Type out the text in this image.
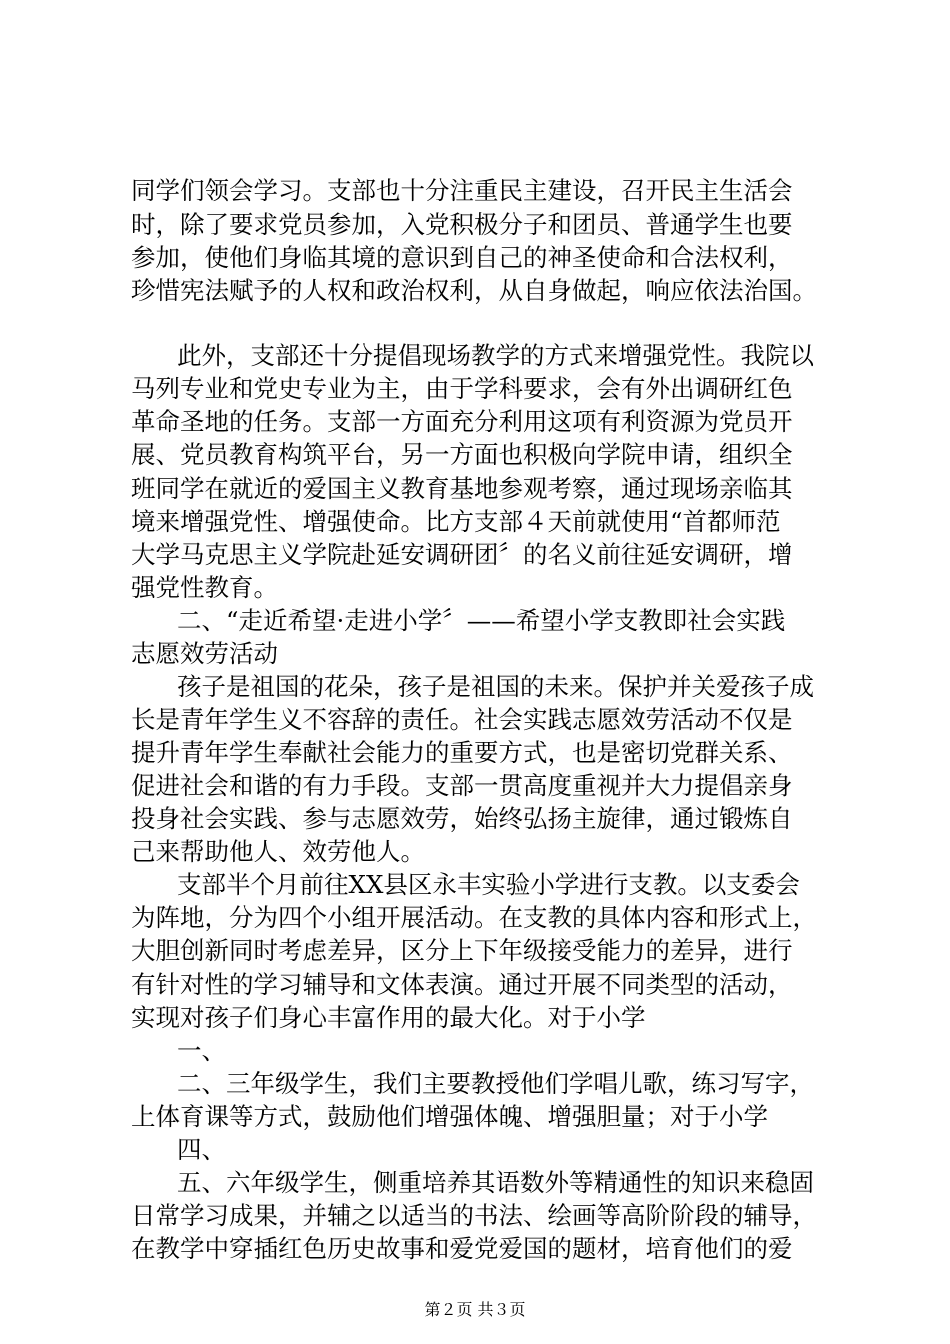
同学们领会学习。支部也十分注重民主建设，召开民主生活会
时，除了要求党员参加，入党积极分子和团员、普通学生也要
参加，使他们身临其境的意识到自己的神圣使命和合法权利，
珍惜宪法赋予的人权和政治权利，从自身做起，响应依法治国。
此外，支部还十分提倡现场教学的方式来增强党性。我院以
马列专业和党史专业为主，由于学科要求，会有外出调研红色
革命圣地的任务。支部一方面充分利用这项有利资源为党员开
展、党员教育构筑平台，另一方面也积极向学院申请，组织全
班同学在就近的爱国主义教育基地参观考察，通过现场亲临其
境来增强党性、增强使命。比方支部４天前就使用“首都师范
大学马克思主义学院赴延安调研团〞的名义前往延安调研，增
强党性教育。
二、“走近希望·走进小学〞——希望小学支教即社会实践
志愿效劳活动
孩子是祖国的花朵，孩子是祖国的未来。保护并关爱孩子成
长是青年学生义不容辞的责任。社会实践志愿效劳活动不仅是
提升青年学生奉献社会能力的重要方式，也是密切党群关系、
促进社会和谐的有力手段。支部一贯高度重视并大力提倡亲身
投身社会实践、参与志愿效劳，始终弘扬主旋律，通过锻炼自
己来帮助他人、效劳他人。
支部半个月前往XX县区永丰实验小学进行支教。以支委会
为阵地，分为四个小组开展活动。在支教的具体内容和形式上，
大胆创新同时考虑差异，区分上下年级接受能力的差异，进行
有针对性的学习辅导和文体表演。通过开展不同类型的活动，
实现对孩子们身心丰富作用的最大化。对于小学
一、
二、三年级学生，我们主要教授他们学唱儿歌，练习写字，
上体育课等方式，鼓励他们增强体魄、增强胆量；对于小学
四、
五、六年级学生，侧重培养其语数外等精通性的知识来稳固
日常学习成果，并辅之以适当的书法、绘画等高阶阶段的辅导，
在教学中穿插红色历史故事和爱党爱国的题材，培育他们的爱
第２页 共３页
